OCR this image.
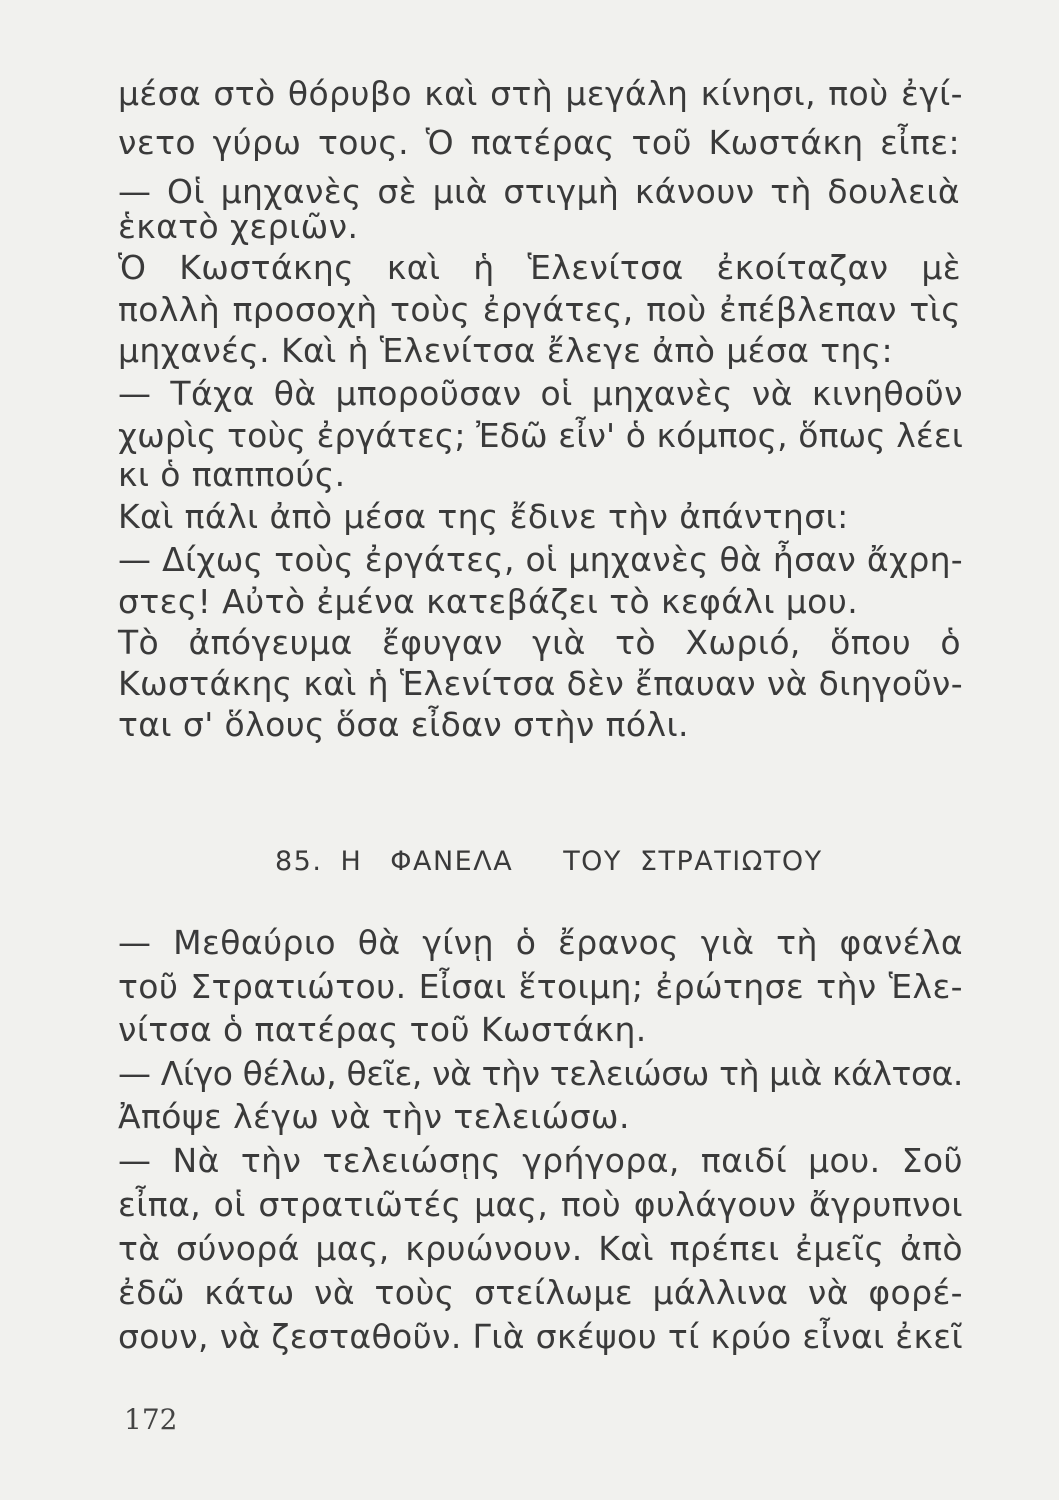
μέσα στὸ θόρυβο καὶ στὴ μεγάλη κίνησι, ποὺ ἐγί-
νετο γύρω τους. Ὁ πατέρας τοῦ Κωστάκη εἶπε:
— Οἱ μηχανὲς σὲ μιὰ στιγμὴ κάνουν τὴ δουλειὰ
ἑκατὸ χεριῶν.
Ὁ Κωστάκης καὶ ἡ Ἑλενίτσα ἐκοίταζαν μὲ
πολλὴ προσοχὴ τοὺς ἐργάτες, ποὺ ἐπέβλεπαν τὶς
μηχανές. Καὶ ἡ Ἑλενίτσα ἔλεγε ἀπὸ μέσα της:
— Τάχα θὰ μποροῦσαν οἱ μηχανὲς νὰ κινηθοῦν
χωρὶς τοὺς ἐργάτες; Ἐδῶ εἶν' ὁ κόμπος, ὅπως λέει
κι ὁ παππούς.
Καὶ πάλι ἀπὸ μέσα της ἔδινε τὴν ἀπάντησι:
— Δίχως τοὺς ἐργάτες, οἱ μηχανὲς θὰ ἦσαν ἄχρη-
στες! Αὐτὸ ἐμένα κατεβάζει τὸ κεφάλι μου.
Τὸ ἀπόγευμα ἔφυγαν γιὰ τὸ Χωριό, ὅπου ὁ
Κωστάκης καὶ ἡ Ἑλενίτσα δὲν ἔπαυαν νὰ διηγοῦν-
ται σ' ὅλους ὅσα εἶδαν στὴν πόλι.
85. Η ΦΑΝΕΛΑ ΤΟΥ ΣΤΡΑΤΙΩΤΟΥ
— Μεθαύριο θὰ γίνῃ ὁ ἔρανος γιὰ τὴ φανέλα
τοῦ Στρατιώτου. Εἶσαι ἕτοιμη; ἐρώτησε τὴν Ἑλε-
νίτσα ὁ πατέρας τοῦ Κωστάκη.
— Λίγο θέλω, θεῖε, νὰ τὴν τελειώσω τὴ μιὰ κάλτσα.
Ἀπόψε λέγω νὰ τὴν τελειώσω.
— Νὰ τὴν τελειώσῃς γρήγορα, παιδί μου. Σοῦ
εἶπα, οἱ στρατιῶτές μας, ποὺ φυλάγουν ἄγρυπνοι
τὰ σύνορά μας, κρυώνουν. Καὶ πρέπει ἐμεῖς ἀπὸ
ἐδῶ κάτω νὰ τοὺς στείλωμε μάλλινα νὰ φορέ-
σουν, νὰ ζεσταθοῦν. Γιὰ σκέψου τί κρύο εἶναι ἐκεῖ
172
